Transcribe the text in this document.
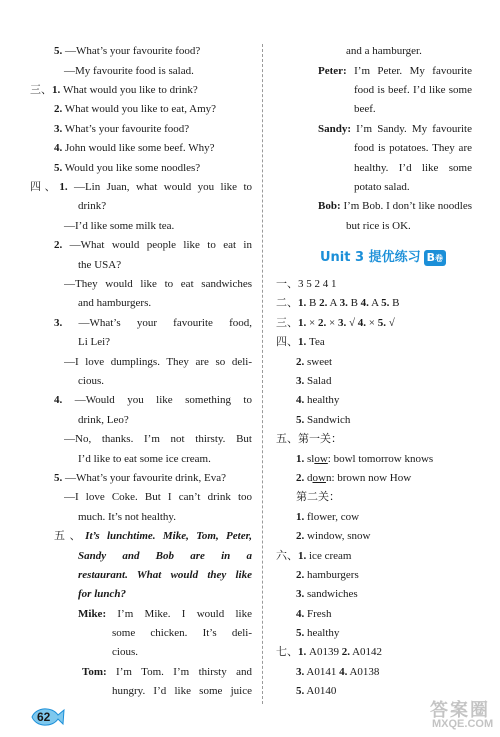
5. —What’s your favourite food?
—My favourite food is salad.
三、1. What would you like to drink?
2. What would you like to eat, Amy?
3. What’s your favourite food?
4. John would like some beef. Why?
5. Would you like some noodles?
四、1. —Lin Juan, what would you like to
drink?
—I’d like some milk tea.
2. —What would people like to eat in
the USA?
—They would like to eat sandwiches
and hamburgers.
3. —What’s your favourite food,
Li Lei?
—I love dumplings. They are so deli-
cious.
4. —Would you like something to
drink, Leo?
—No, thanks. I’m not thirsty. But
I’d like to eat some ice cream.
5. —What’s your favourite drink, Eva?
—I love Coke. But I can’t drink too
much. It’s not healthy.
五、It’s lunchtime. Mike, Tom, Peter,
Sandy and Bob are in a
restaurant. What would they like
for lunch?
Mike: I’m Mike. I would like
some chicken. It’s deli-
cious.
Tom: I’m Tom. I’m thirsty and
hungry. I’d like some juice
and a hamburger.
Peter: I’m Peter. My favourite
food is beef. I’d like some
beef.
Sandy: I’m Sandy. My favourite
food is potatoes. They are
healthy. I’d like some
potato salad.
Bob: I’m Bob. I don’t like noodles
but rice is OK.
一、3 5 2 4 1
二、1. B 2. A 3. B 4. A 5. B
三、1. × 2. × 3. √ 4. × 5. √
四、1. Tea
2. sweet
3. Salad
4. healthy
5. Sandwich
五、第一关：
1. slow: bowl tomorrow knows
2. down: brown now How
第二关：
1. flower, cow
2. window, snow
六、1. ice cream
2. hamburgers
3. sandwiches
4. Fresh
5. healthy
七、1. A0139 2. A0142
3. A0141 4. A0138
5. A0140
Unit 3 提优练习 B卷
62	答案圈
MXQE.COM
